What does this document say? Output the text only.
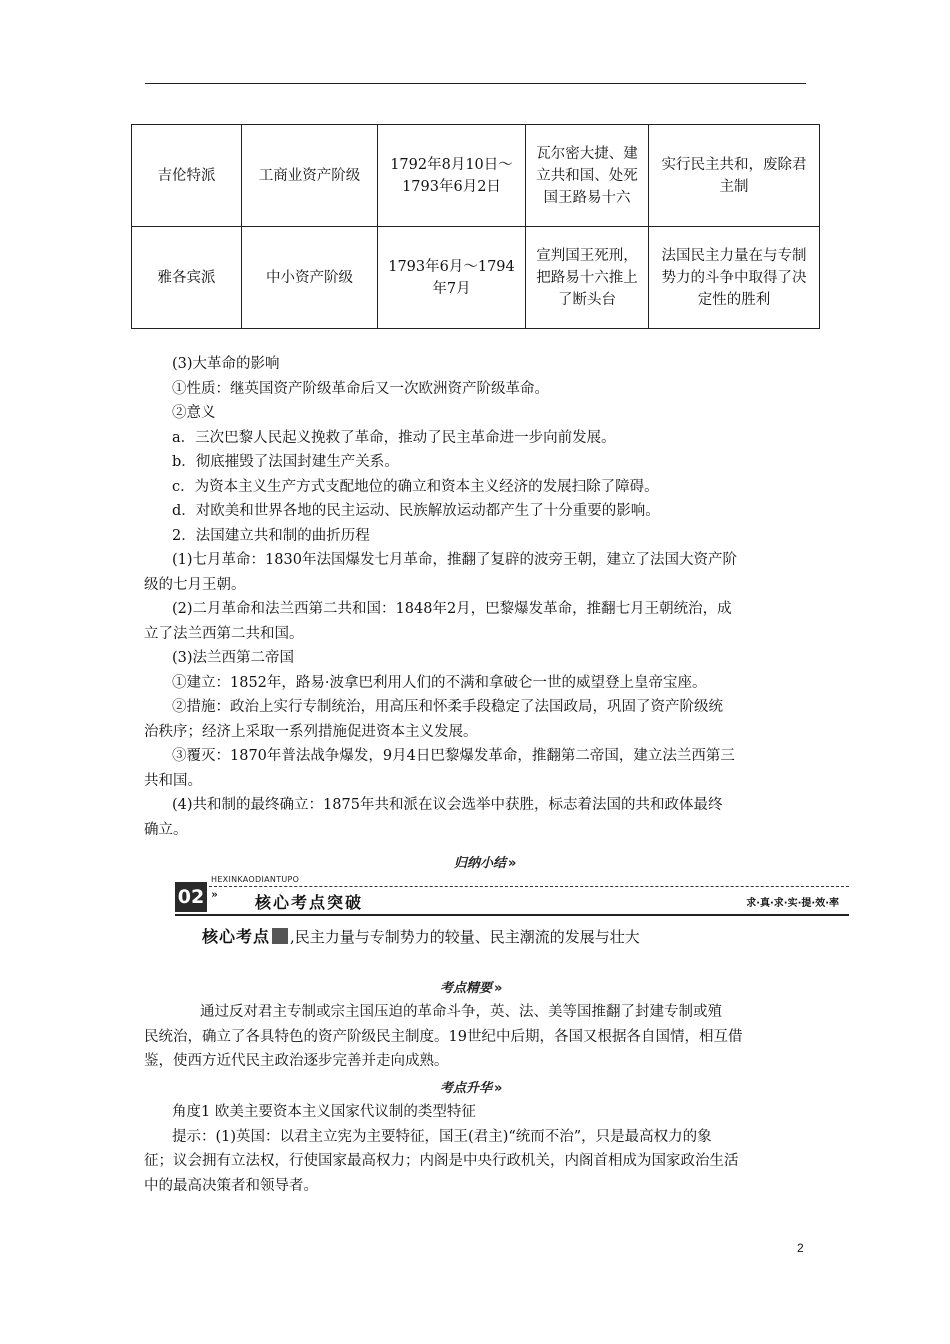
吉伦特派	工商业资产阶级	1792年8月10日～1793年6月2日	瓦尔密大捷、建立共和国、处死国王路易十六	实行民主共和，废除君主制
雅各宾派	中小资产阶级	1793年6月～1794年7月	宣判国王死刑，把路易十六推上了断头台	法国民主力量在与专制势力的斗争中取得了决定性的胜利

(3)大革命的影响

①性质：继英国资产阶级革命后又一次欧洲资产阶级革命。

②意义

a．三次巴黎人民起义挽救了革命，推动了民主革命进一步向前发展。

b．彻底摧毁了法国封建生产关系。

c．为资本主义生产方式支配地位的确立和资本主义经济的发展扫除了障碍。

d．对欧美和世界各地的民主运动、民族解放运动都产生了十分重要的影响。

2．法国建立共和制的曲折历程

(1)七月革命：1830年法国爆发七月革命，推翻了复辟的波旁王朝，建立了法国大资产阶

级的七月王朝。

(2)二月革命和法兰西第二共和国：1848年2月，巴黎爆发革命，推翻七月王朝统治，成

立了法兰西第二共和国。

(3)法兰西第二帝国

①建立：1852年，路易·波拿巴利用人们的不满和拿破仑一世的威望登上皇帝宝座。

②措施：政治上实行专制统治，用高压和怀柔手段稳定了法国政局，巩固了资产阶级统

治秩序；经济上采取一系列措施促进资本主义发展。

③覆灭：1870年普法战争爆发，9月4日巴黎爆发革命，推翻第二帝国，建立法兰西第三

共和国。

(4)共和制的最终确立：1875年共和派在议会选举中获胜，标志着法国的共和政体最终

确立。

归纳小结 »
HEXINKAODIANTUPO
02 » 核心考点突破	求·真·求·实·提·效·率
核心考点 ,民主力量与专制势力的较量、民主潮流的发展与壮大
考点精要 »

通过反对君主专制或宗主国压迫的革命斗争，英、法、美等国推翻了封建专制或殖

民统治，确立了各具特色的资产阶级民主制度。19世纪中后期，各国又根据各自国情，相互借

鉴，使西方近代民主政治逐步完善并走向成熟。

考点升华 »

角度1 欧美主要资本主义国家代议制的类型特征

提示：(1)英国：以君主立宪为主要特征，国王(君主)“统而不治”，只是最高权力的象

征；议会拥有立法权，行使国家最高权力；内阁是中央行政机关，内阁首相成为国家政治生活

中的最高决策者和领导者。

2
